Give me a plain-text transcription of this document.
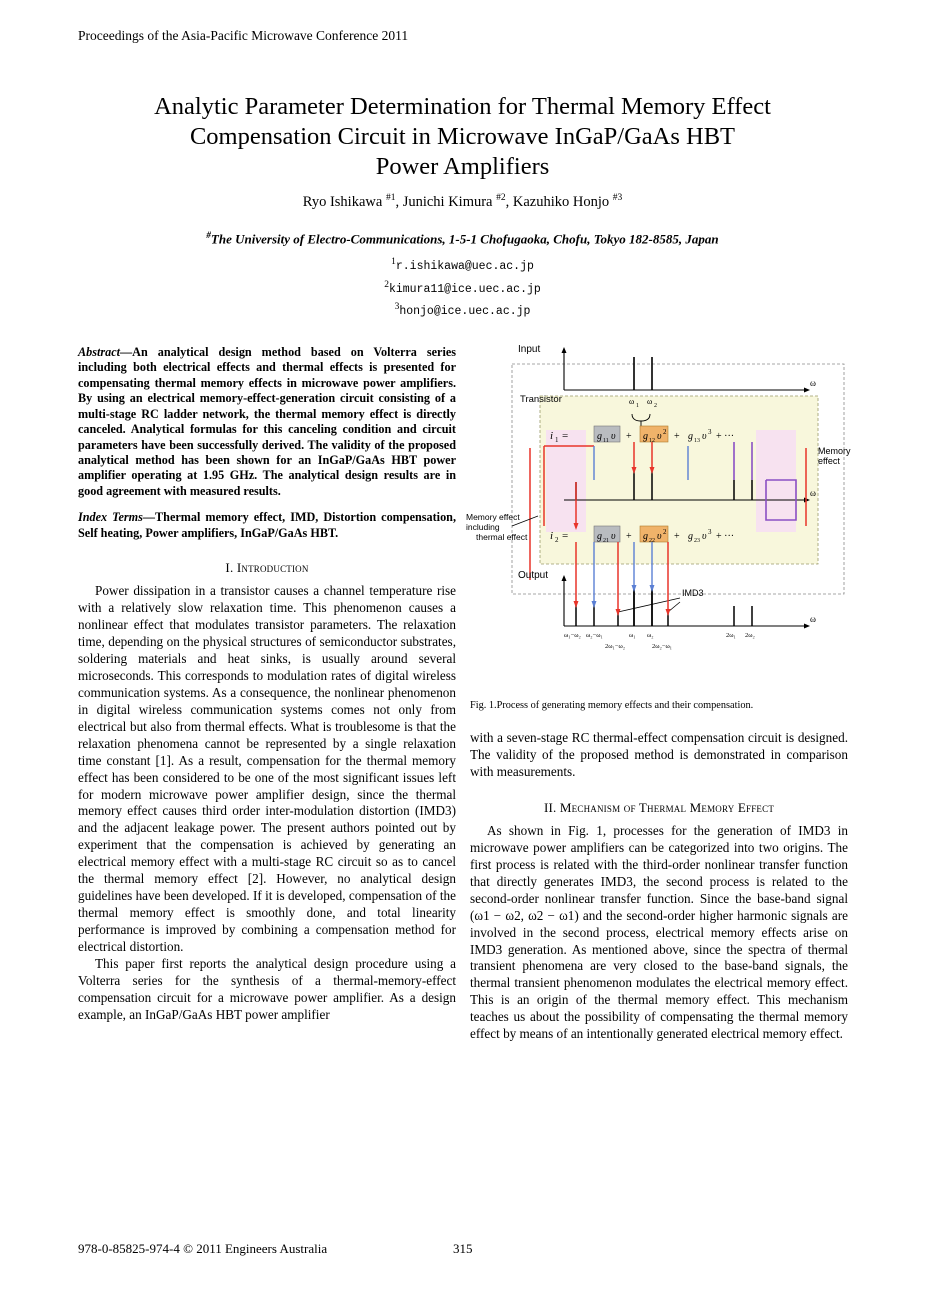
Proceedings of the Asia-Pacific Microwave Conference 2011
Analytic Parameter Determination for Thermal Memory Effect
Compensation Circuit in Microwave InGaP/GaAs HBT
Power Amplifiers
Ryo Ishikawa $^{\#1}$, Junichi Kimura $^{\#2}$, Kazuhiko Honjo $^{\#3}$
#The University of Electro-Communications, 1-5-1 Chofugaoka, Chofu, Tokyo 182-8585, Japan
$^1$r.ishikawa@uec.ac.jp
$^2$kimura11@ice.uec.ac.jp
$^3$honjo@ice.uec.ac.jp
Abstract—An analytical design method based on Volterra series including both electrical effects and thermal effects is presented for compensating thermal memory effects in microwave power amplifiers. By using an electrical memory-effect-generation circuit consisting of a multi-stage RC ladder network, the thermal memory effect is directly canceled. Analytical formulas for this canceling condition and circuit parameters have been successfully derived. The validity of the proposed analytical method has been shown for an InGaP/GaAs HBT power amplifier operating at 1.95 GHz. The analytical design results are in good agreement with measured results.
Index Terms—Thermal memory effect, IMD, Distortion compensation, Self heating, Power amplifiers, InGaP/GaAs HBT.
I. Introduction

Power dissipation in a transistor causes a channel temperature rise with a relatively slow relaxation time. This phenomenon causes a nonlinear effect that modulates transistor parameters. The relaxation time, depending on the physical structures of semiconductor substrates, soldering materials and heat sinks, is usually around several microseconds. This corresponds to modulation rates of digital wireless communication systems. As a consequence, the nonlinear phenomenon in digital wireless communication systems comes not only from electrical but also from thermal effects. What is troublesome is that the relaxation phenomena cannot be represented by a single relaxation time constant [1]. As a result, compensation for the thermal memory effect has been considered to be one of the most significant issues left for modern microwave power amplifier design, since the thermal memory effect causes third order inter-modulation distortion (IMD3) and the adjacent leakage power. The present authors pointed out by experiment that the compensation is achieved by generating an electrical memory effect with a multi-stage RC circuit so as to cancel the thermal memory effect [2]. However, no analytical design guidelines have been developed. If it is developed, compensation of the thermal memory effect is smoothly done, and total linearity performance is improved by combining a compensation method for electrical distortion.

This paper first reports the analytical design procedure using a Volterra series for the synthesis of a thermal-memory-effect compensation circuit for a microwave power amplifier. As a design example, an InGaP/GaAs HBT power amplifier

ω 1 ω 2
ω
i 1 =	g 11 υ + g 12 υ 2 + g 13 υ 3 + ···
ω
i 2 =	g 21 υ + g 22 υ 2 + g 23 υ 3 + ···
ω
ω₁−ω₂ ω₂−ω₁	ω₁ ω₂	2ω₁ 2ω₂
2ω₁−ω₂	2ω₂−ω₁
Input
Output
Transistor
Memory
effect
Memory effect
including
thermal effect
IMD3
Fig. 1.Process of generating memory effects and their compensation.

with a seven-stage RC thermal-effect compensation circuit is designed. The validity of the proposed method is demonstrated in comparison with measurements.

II. Mechanism of Thermal Memory Effect

As shown in Fig. 1, processes for the generation of IMD3 in microwave power amplifiers can be categorized into two origins. The first process is related with the third-order nonlinear transfer function that directly generates IMD3, the second process is related to the second-order nonlinear transfer function. Since the base-band signal (ω1 − ω2, ω2 − ω1) and the second-order higher harmonic signals are involved in the second process, electrical memory effects arise on IMD3 generation. As mentioned above, since the spectra of thermal transient phenomena are very closed to the base-band signals, the thermal transient phenomenon modulates the electrical memory effect. This is an origin of the thermal memory effect. This mechanism teaches us about the possibility of compensating the thermal memory effect by means of an intentionally generated electrical memory effect.

978-0-85825-974-4 © 2011 Engineers Australia	315
